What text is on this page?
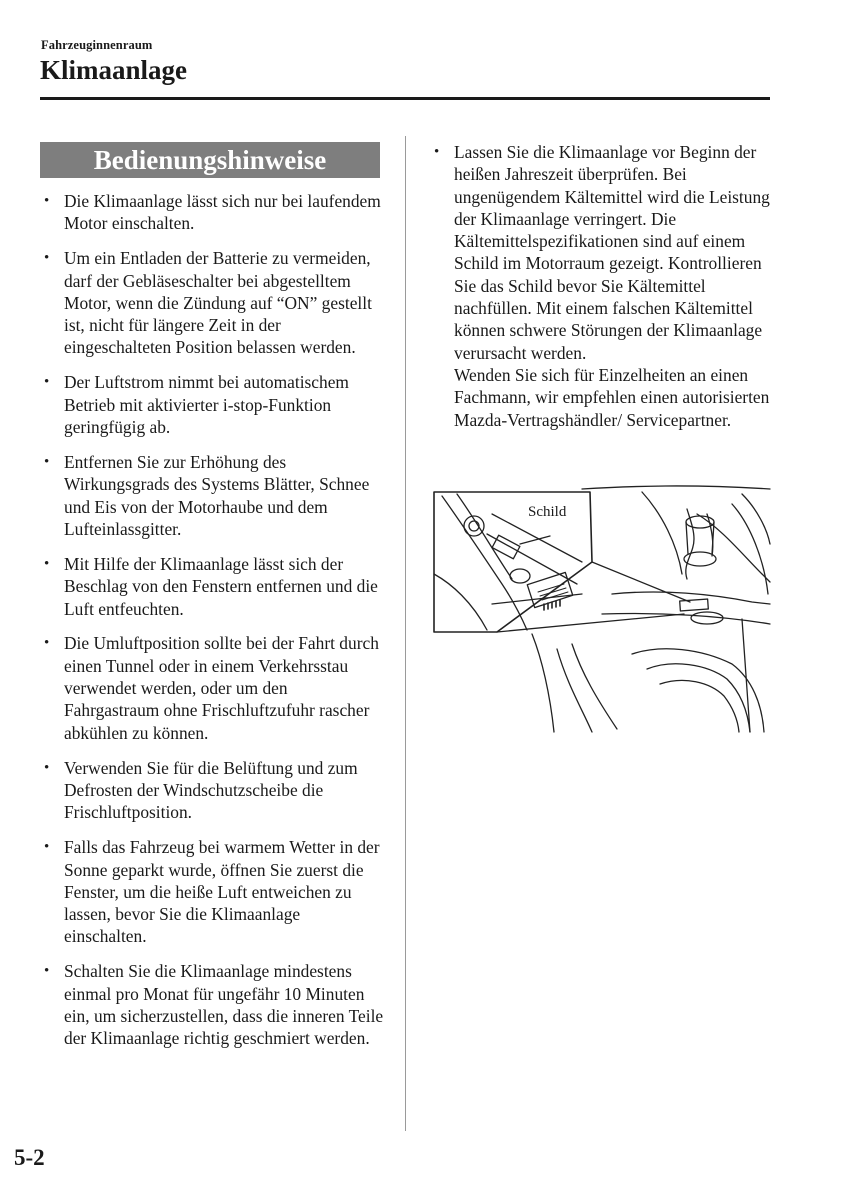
Fahrzeuginnenraum
Klimaanlage
Bedienungshinweise
• Die Klimaanlage lässt sich nur bei laufendem Motor einschalten.
• Um ein Entladen der Batterie zu vermeiden, darf der Gebläseschalter bei abgestelltem Motor, wenn die Zündung auf “ON” gestellt ist, nicht für längere Zeit in der eingeschalteten Position belassen werden.
• Der Luftstrom nimmt bei automatischem Betrieb mit aktivierter i-stop-Funktion geringfügig ab.
• Entfernen Sie zur Erhöhung des Wirkungsgrads des Systems Blätter, Schnee und Eis von der Motorhaube und dem Lufteinlassgitter.
• Mit Hilfe der Klimaanlage lässt sich der Beschlag von den Fenstern entfernen und die Luft entfeuchten.
• Die Umluftposition sollte bei der Fahrt durch einen Tunnel oder in einem Verkehrsstau verwendet werden, oder um den Fahrgastraum ohne Frischluftzufuhr rascher abkühlen zu können.
• Verwenden Sie für die Belüftung und zum Defrosten der Windschutzscheibe die Frischluftposition.
• Falls das Fahrzeug bei warmem Wetter in der Sonne geparkt wurde, öffnen Sie zuerst die Fenster, um die heiße Luft entweichen zu lassen, bevor Sie die Klimaanlage einschalten.
• Schalten Sie die Klimaanlage mindestens einmal pro Monat für ungefähr 10 Minuten ein, um sicherzustellen, dass die inneren Teile der Klimaanlage richtig geschmiert werden.
• Lassen Sie die Klimaanlage vor Beginn der heißen Jahreszeit überprüfen. Bei ungenügendem Kältemittel wird die Leistung der Klimaanlage verringert. Die Kältemittelspezifikationen sind auf einem Schild im Motorraum gezeigt. Kontrollieren Sie das Schild bevor Sie Kältemittel nachfüllen. Mit einem falschen Kältemittel können schwere Störungen der Klimaanlage verursacht werden.
Wenden Sie sich für Einzelheiten an einen Fachmann, wir empfehlen einen autorisierten Mazda-Vertragshändler/ Servicepartner.
Schild
5-2
